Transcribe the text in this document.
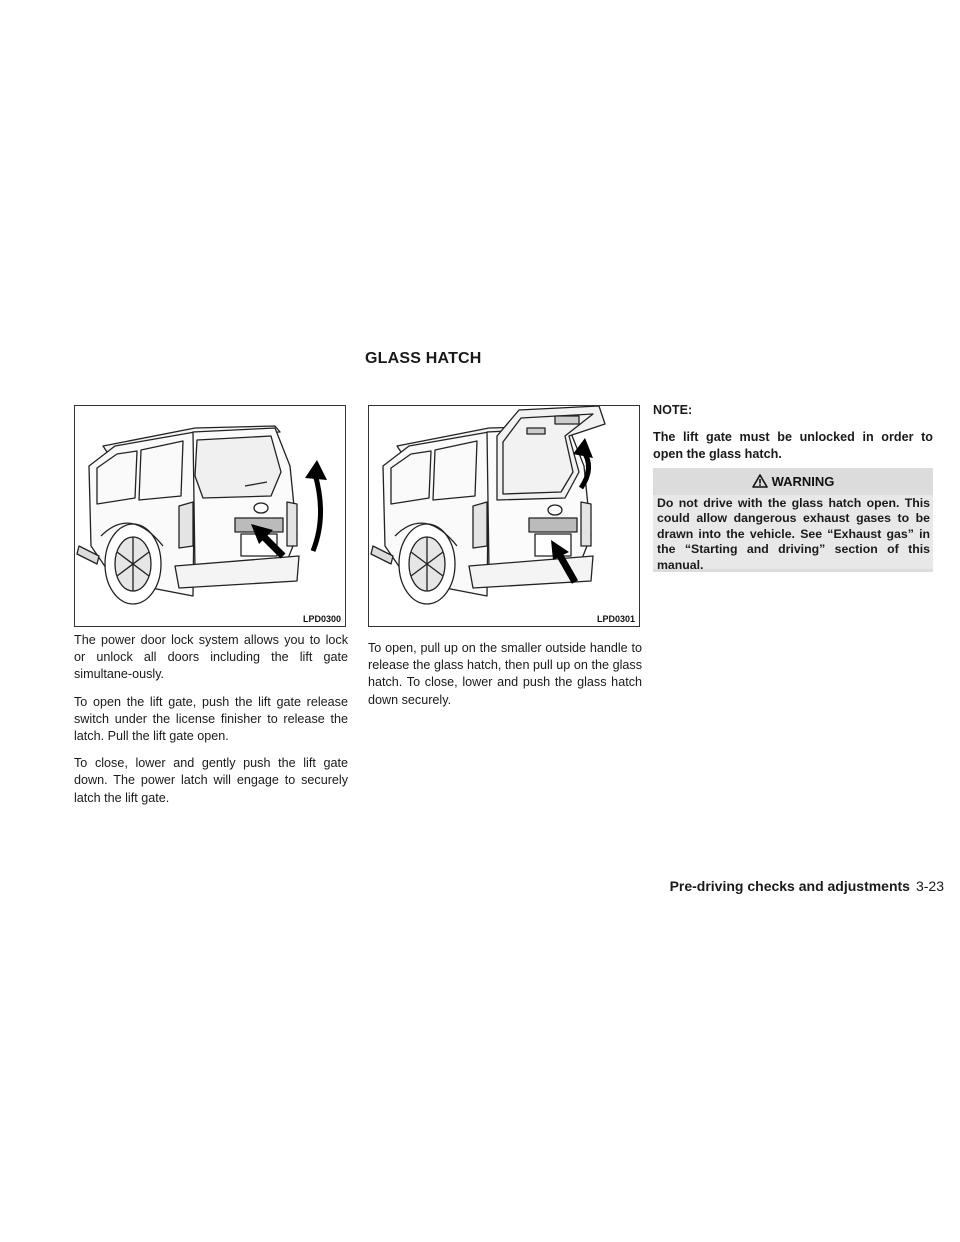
GLASS HATCH
LPD0300	LPD0301

The power door lock system allows you to lock or unlock all doors including the lift gate simultane-ously.

To open the lift gate, push the lift gate release switch under the license finisher to release the latch. Pull the lift gate open.

To close, lower and gently push the lift gate down. The power latch will engage to securely latch the lift gate.

To open, pull up on the smaller outside handle to release the glass hatch, then pull up on the glass hatch. To close, lower and push the glass hatch down securely.

NOTE:
The lift gate must be unlocked in order to open the glass hatch.
WARNING
Do not drive with the glass hatch open. This could allow dangerous exhaust gases to be drawn into the vehicle. See “Exhaust gas” in the “Starting and driving” section of this manual.
Pre-driving checks and adjustments 3-23
